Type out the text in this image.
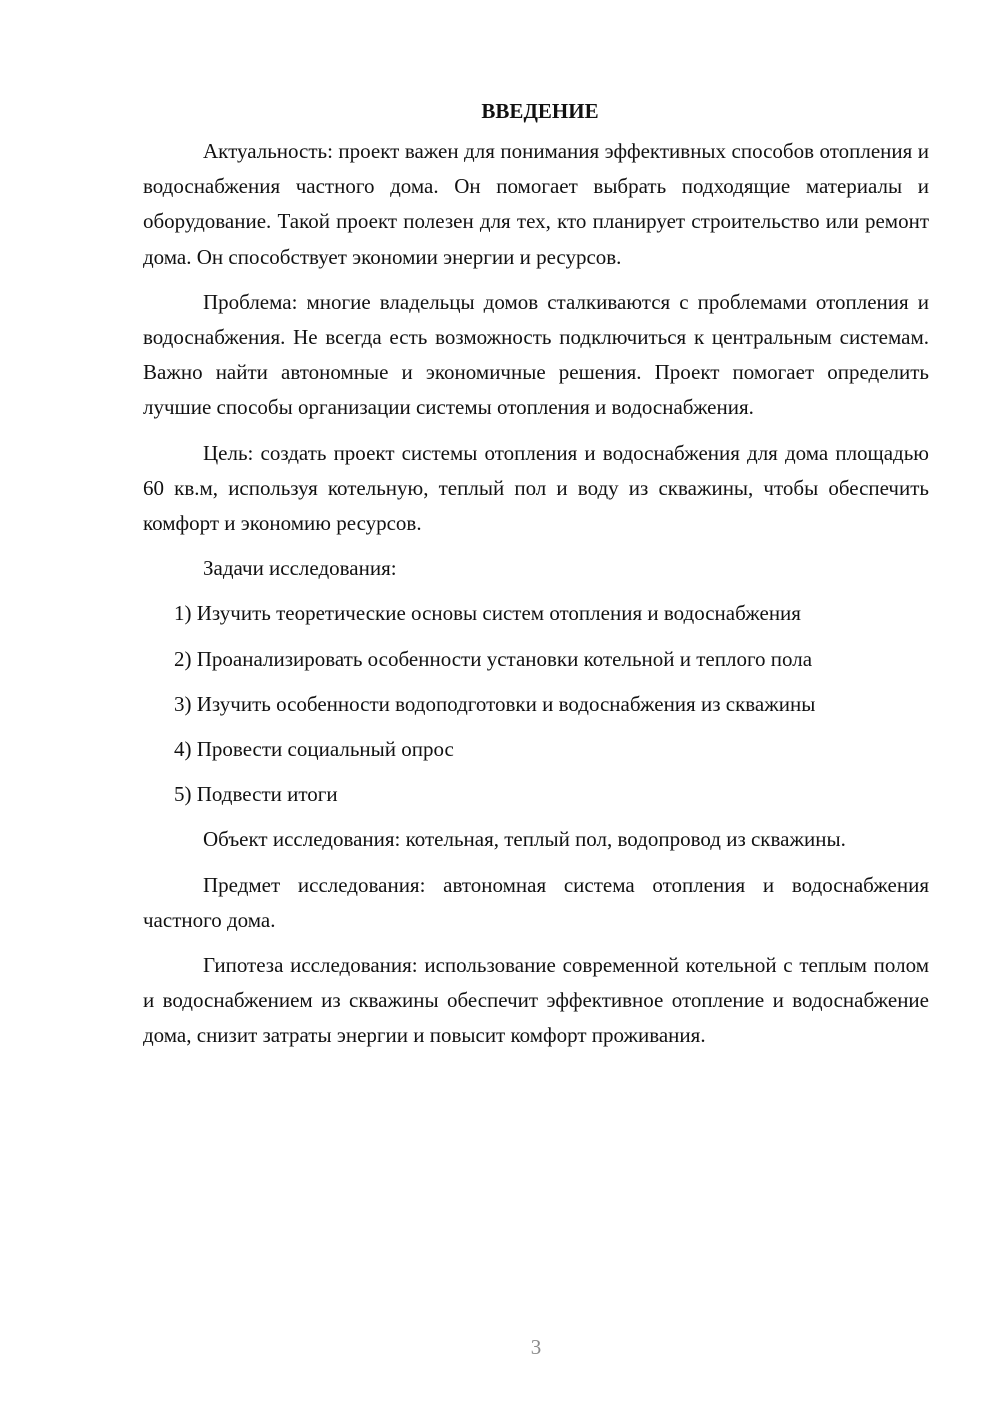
ВВЕДЕНИЕ

Актуальность: проект важен для понимания эффективных способов отопления и водоснабжения частного дома. Он помогает выбрать подходящие материалы и оборудование. Такой проект полезен для тех, кто планирует строительство или ремонт дома. Он способствует экономии энергии и ресурсов.

Проблема: многие владельцы домов сталкиваются с проблемами отопления и водоснабжения. Не всегда есть возможность подключиться к центральным системам. Важно найти автономные и экономичные решения. Проект помогает определить лучшие способы организации системы отопления и водоснабжения.

Цель: создать проект системы отопления и водоснабжения для дома площадью 60 кв.м, используя котельную, теплый пол и воду из скважины, чтобы обеспечить комфорт и экономию ресурсов.

Задачи исследования:

1) Изучить теоретические основы систем отопления и водоснабжения

2) Проанализировать особенности установки котельной и теплого пола

3) Изучить особенности водоподготовки и водоснабжения из скважины

4) Провести социальный опрос

5) Подвести итоги

Объект исследования: котельная, теплый пол, водопровод из скважины.

Предмет исследования: автономная система отопления и водоснабжения частного дома.

Гипотеза исследования: использование современной котельной с теплым полом и водоснабжением из скважины обеспечит эффективное отопление и водоснабжение дома, снизит затраты энергии и повысит комфорт проживания.

3
